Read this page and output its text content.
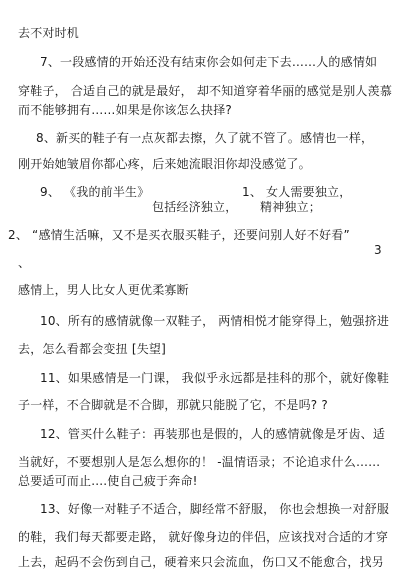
去不对时机
7、一段感情的开始还没有结束你会如何走下去……人的感情如
穿鞋子， 合适自己的就是最好， 却不知道穿着华丽的感觉是别人羡慕
而不能够拥有……如果是你该怎么抉择?
8、新买的鞋子有一点灰都去擦，久了就不管了。感情也一样，
刚开始她皱眉你都心疼，后来她流眼泪你却没感觉了。
9、 《我的前半生》	1、 女人需要独立，
包括经济独立， 精神独立；
2、 “感情生活嘛，又不是买衣服买鞋子，还要问别人好不好看”
3
、
感情上，男人比女人更优柔寡断
10、所有的感情就像一双鞋子， 两情相悦才能穿得上，勉强挤进
去，怎么看都会变扭 [失望]
11、如果感情是一门课， 我似乎永远都是挂科的那个，就好像鞋
子一样，不合脚就是不合脚，那就只能脱了它，不是吗? ?
12、管买什么鞋子：再装那也是假的，人的感情就像是牙齿、适
当就好，不要想别人是怎么想你的！ -温情语录；不论追求什么……
总要适可而止....使自己疲于奔命!
13、好像一对鞋子不适合，脚经常不舒服， 你也会想换一对舒服
的鞋，我们每天都要走路， 就好像身边的伴侣，应该找对合适的才穿
上去，起码不会伤到自己，硬着来只会流血，伤口又不能愈合，找另
